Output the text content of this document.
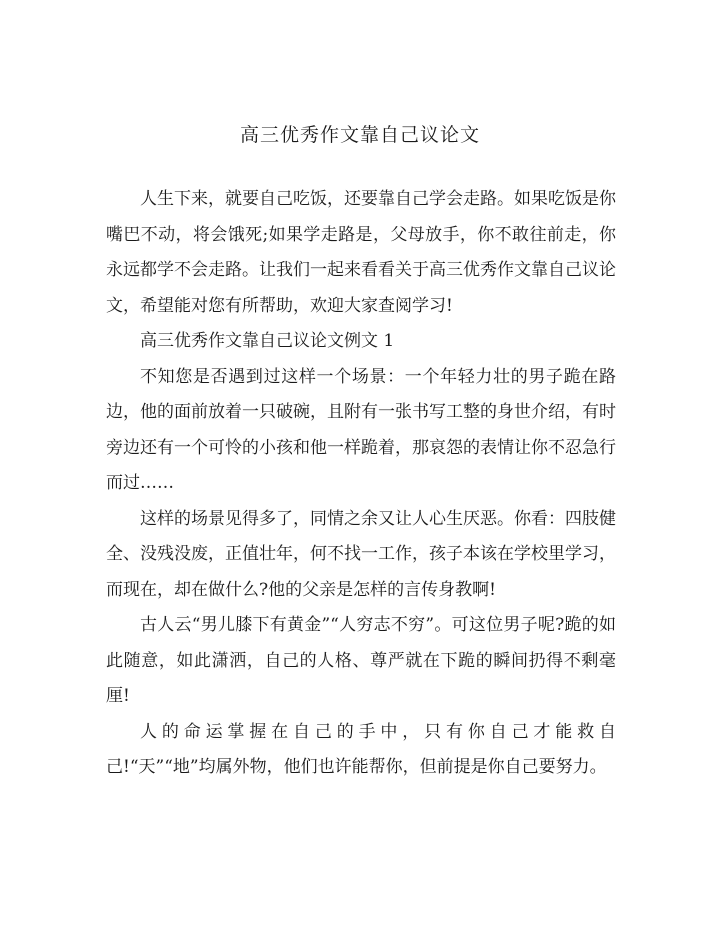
高三优秀作文靠自己议论文

人生下来，就要自己吃饭，还要靠自己学会走路。如果吃饭是你嘴巴不动，将会饿死;如果学走路是，父母放手，你不敢往前走，你永远都学不会走路。让我们一起来看看关于高三优秀作文靠自己议论文，希望能对您有所帮助，欢迎大家查阅学习!

高三优秀作文靠自己议论文例文 1

不知您是否遇到过这样一个场景：一个年轻力壮的男子跪在路边，他的面前放着一只破碗，且附有一张书写工整的身世介绍，有时旁边还有一个可怜的小孩和他一样跪着，那哀怨的表情让你不忍急行而过……

这样的场景见得多了，同情之余又让人心生厌恶。你看：四肢健全、没残没废，正值壮年，何不找一工作，孩子本该在学校里学习，而现在，却在做什么?他的父亲是怎样的言传身教啊!

古人云“男儿膝下有黄金”“人穷志不穷”。可这位男子呢?跪的如此随意，如此潇洒，自己的人格、尊严就在下跪的瞬间扔得不剩毫厘!

人的命运掌握在自己的手中，只有你自己才能救自己!“天”“地”均属外物，他们也许能帮你，但前提是你自己要努力。
